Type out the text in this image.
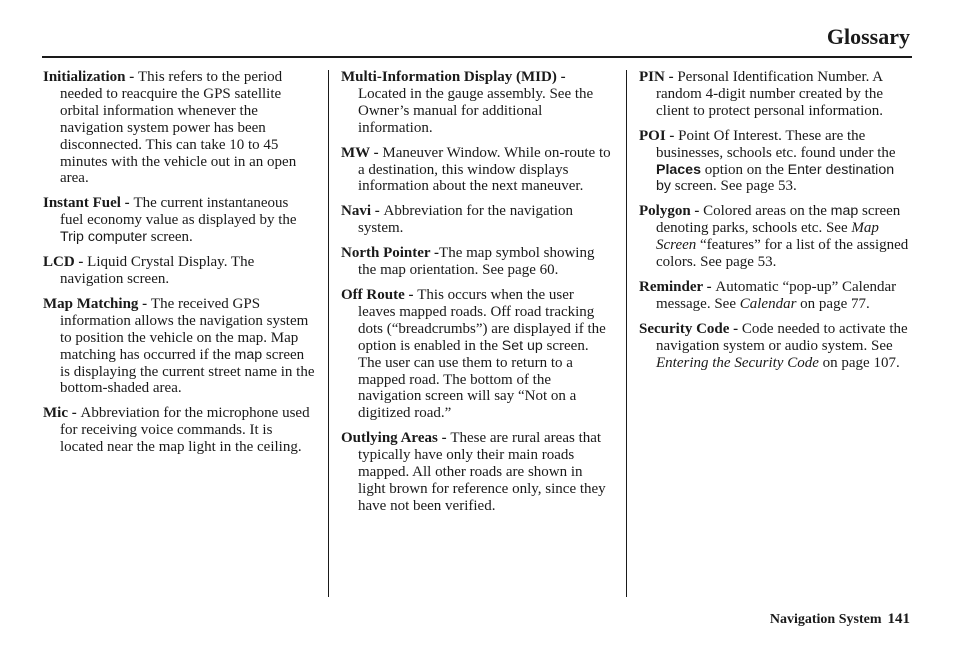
Glossary

Initialization - This refers to the period needed to reacquire the GPS satellite orbital information whenever the navigation system power has been disconnected. This can take 10 to 45 minutes with the vehicle out in an open area.

Instant Fuel - The current instantaneous fuel economy value as displayed by the Trip computer screen.

LCD - Liquid Crystal Display. The navigation screen.

Map Matching - The received GPS information allows the navigation system to position the vehicle on the map. Map matching has occurred if the map screen is displaying the current street name in the bottom-shaded area.

Mic - Abbreviation for the microphone used for receiving voice commands. It is located near the map light in the ceiling.

Multi-Information Display (MID) - Located in the gauge assembly. See the Owner’s manual for additional information.

MW - Maneuver Window. While on-route to a destination, this window displays information about the next maneuver.

Navi - Abbreviation for the navigation system.

North Pointer -The map symbol showing the map orientation. See page 60.

Off Route - This occurs when the user leaves mapped roads. Off road tracking dots (“breadcrumbs”) are displayed if the option is enabled in the Set up screen. The user can use them to return to a mapped road. The bottom of the navigation screen will say “Not on a digitized road.”

Outlying Areas - These are rural areas that typically have only their main roads mapped. All other roads are shown in light brown for reference only, since they have not been verified.

PIN - Personal Identification Number. A random 4-digit number created by the client to protect personal information.

POI - Point Of Interest. These are the businesses, schools etc. found under the Places option on the Enter destination by screen. See page 53.

Polygon - Colored areas on the map screen denoting parks, schools etc. See Map Screen “features” for a list of the assigned colors. See page 53.

Reminder - Automatic “pop-up” Calendar message. See Calendar on page 77.

Security Code - Code needed to activate the navigation system or audio system. See Entering the Security Code on page 107.

Navigation System 141
